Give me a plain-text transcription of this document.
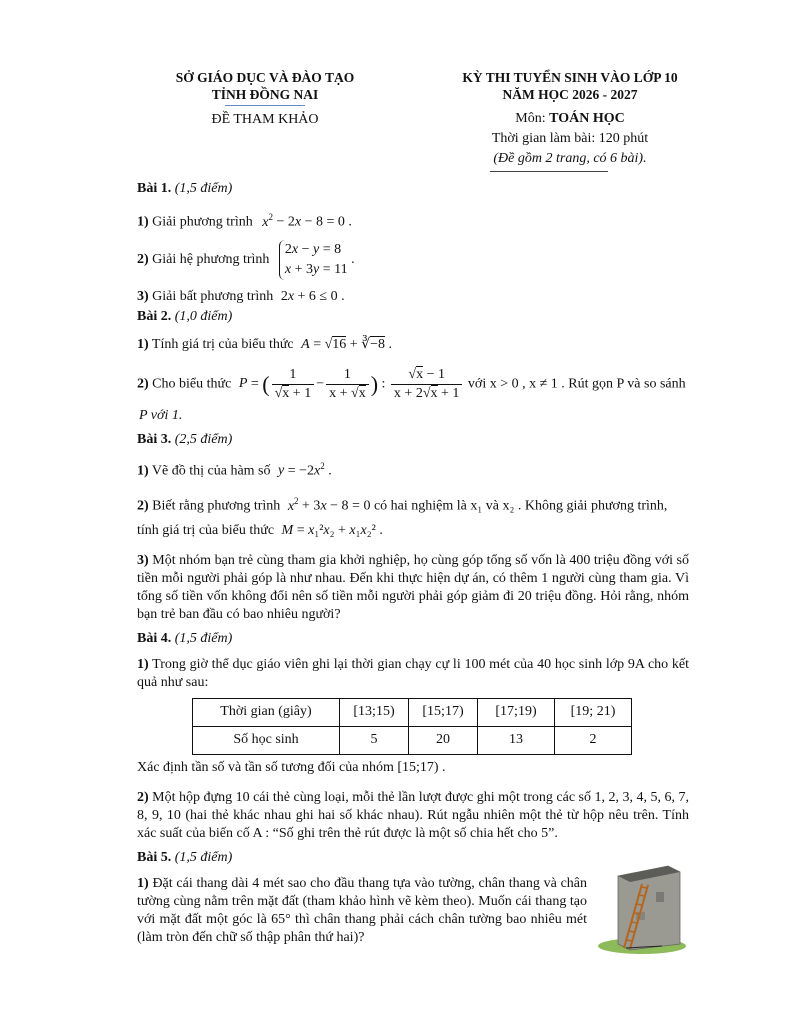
SỞ GIÁO DỤC VÀ ĐÀO TẠO
TỈNH ĐỒNG NAI
ĐỀ THAM KHẢO
KỲ THI TUYỂN SINH VÀO LỚP 10
NĂM HỌC 2026 - 2027
Môn: TOÁN HỌC
Thời gian làm bài: 120 phút
(Đề gồm 2 trang, có 6 bài).

Bài 1. (1,5 điểm)

1) Giải phương trình $x^2 - 2x - 8 = 0$ .

2) Giải hệ phương trình 2x − y = 8
x + 3y = 11 .

3) Giải bất phương trình 2x + 6 ≤ 0 .

Bài 2. (1,0 điểm)

1) Tính giá trị của biểu thức A = √16 + ∛−8 .

2) Cho biểu thức P = ( $\frac{1}{√x + 1} - \frac{1}{x + √x}$ ) : $\frac{√x - 1}{x + 2√x + 1}$ với x > 0 , x ≠ 1 . Rút gọn P và so sánh

P với 1.

Bài 3. (2,5 điểm)

1) Vẽ đồ thị của hàm số $y = -2x^2$ .

2) Biết rằng phương trình $x^2 + 3x - 8 = 0$ có hai nghiệm là x₁ và x₂ . Không giải phương trình,

tính giá trị của biểu thức M = x₁²x₂ + x₁x₂² .

3) Một nhóm bạn trẻ cùng tham gia khởi nghiệp, họ cùng góp tổng số vốn là 400 triệu đồng với số tiền mỗi người phải góp là như nhau. Đến khi thực hiện dự án, có thêm 1 người cùng tham gia. Vì tổng số tiền vốn không đổi nên số tiền mỗi người phải góp giảm đi 20 triệu đồng. Hỏi rằng, nhóm bạn trẻ ban đầu có bao nhiêu người?

Bài 4. (1,5 điểm)

1) Trong giờ thể dục giáo viên ghi lại thời gian chạy cự li 100 mét của 40 học sinh lớp 9A cho kết quả như sau:

Thời gian (giây)	[13;15)	[15;17)	[17;19)	[19; 21)
Số học sinh	5	20	13	2

Xác định tần số và tần số tương đối của nhóm [15;17) .

2) Một hộp đựng 10 cái thẻ cùng loại, mỗi thẻ lần lượt được ghi một trong các số 1, 2, 3, 4, 5, 6, 7, 8, 9, 10 (hai thẻ khác nhau ghi hai số khác nhau). Rút ngẫu nhiên một thẻ từ hộp nêu trên. Tính xác suất của biến cố A : “Số ghi trên thẻ rút được là một số chia hết cho 5”.

Bài 5. (1,5 điểm)

1) Đặt cái thang dài 4 mét sao cho đầu thang tựa vào tường, chân thang và chân tường cùng nằm trên mặt đất (tham khảo hình vẽ kèm theo). Muốn cái thang tạo với mặt đất một góc là 65° thì chân thang phải cách chân tường bao nhiêu mét (làm tròn đến chữ số thập phân thứ hai)?
